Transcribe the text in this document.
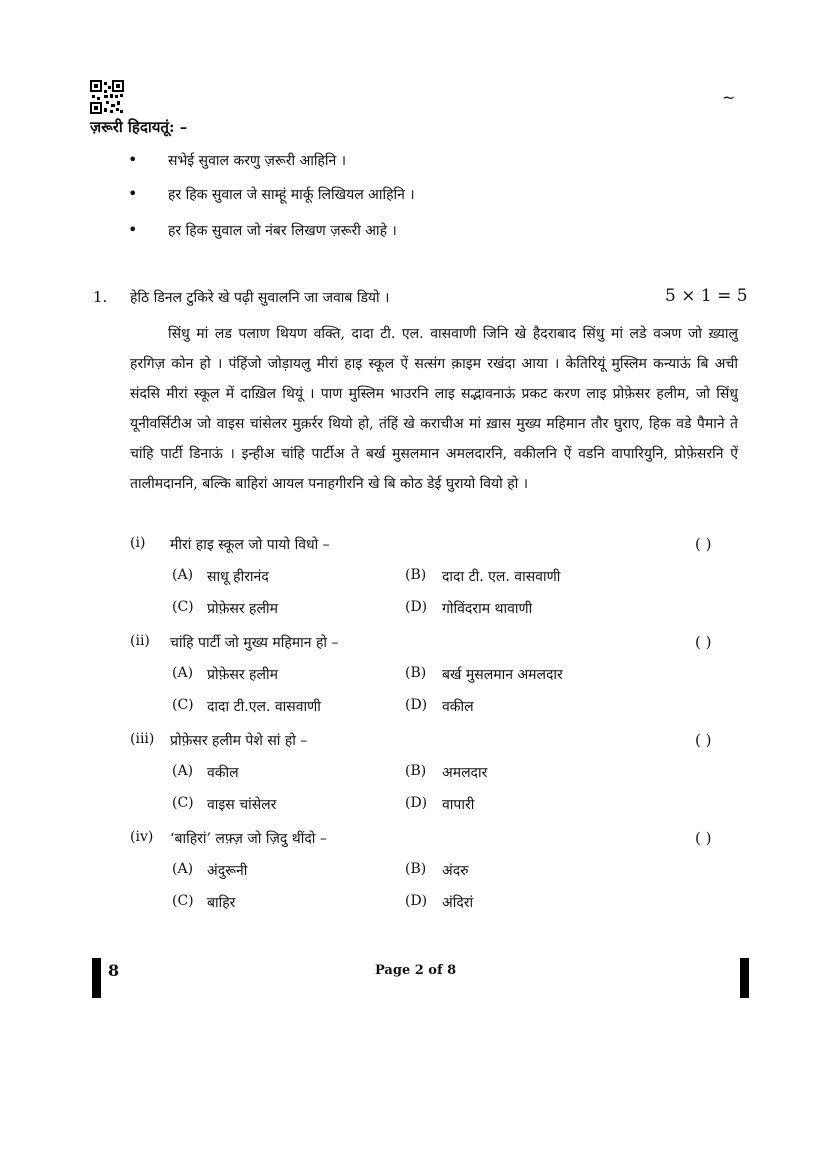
~
ज़रूरी हिदायतूं: –
• सभेई सुवाल करणु ज़रूरी आहिनि ।
• हर हिक सुवाल जे साम्हूं मार्कू लिखियल आहिनि ।
• हर हिक सुवाल जो नंबर लिखण ज़रूरी आहे ।
1. हेठि डिनल टुकिरे खे पढ़ी सुवालनि जा जवाब डियो ।	5 × 1 = 5

सिंधु मां लड पलाण थियण वक्ति, दादा टी. एल. वासवाणी जिनि खे हैदराबाद सिंधु मां लडे वञण जो ख़्यालु हरगिज़ कोन हो । पंहिंजो जोड़ायलु मीरां हाइ स्कूल ऐं सत्संग क़ाइम रखंदा आया । केतिरियूं मुस्लिम कन्याऊं बि अची संदसि मीरां स्कूल में दाख़िल थियूं । पाण मुस्लिम भाउरनि लाइ सद्भावनाऊं प्रकट करण लाइ प्रोफ़ेसर हलीम, जो सिंधु यूनीवर्सिटीअ जो वाइस चांसेलर मुक़र्रर थियो हो, तंहिं खे कराचीअ मां ख़ास मुख्य महिमान तौर घुराए, हिक वडे पैमाने ते चांहि पार्टी डिनाऊं । इन्हीअ चांहि पार्टीअ ते बर्ख मुसलमान अमलदारनि, वकीलनि ऐं वडनि वापारियुनि, प्रोफ़ेसरनि ऐं तालीमदाननि, बल्कि बाहिरां आयल पनाहगीरनि खे बि कोठ डेई घुरायो वियो हो ।

(i) मीरां हाइ स्कूल जो पायो विधो –	( )
(A) साधू हीरानंद	(B) दादा टी. एल. वासवाणी
(C) प्रोफ़ेसर हलीम	(D) गोविंदराम थावाणी
(ii) चांहि पार्टी जो मुख्य महिमान हो –	( )
(A) प्रोफ़ेसर हलीम	(B) बर्ख मुसलमान अमलदार
(C) दादा टी.एल. वासवाणी	(D) वकील
(iii) प्रोफ़ेसर हलीम पेशे सां हो –	( )
(A) वकील	(B) अमलदार
(C) वाइस चांसेलर	(D) वापारी
(iv) ‘बाहिरां’ लफ़्ज़ जो ज़िदु थींदो –	( )
(A) अंदुरूनी	(B) अंदरु
(C) बाहिर	(D) अंदिरां
8	Page 2 of 8
